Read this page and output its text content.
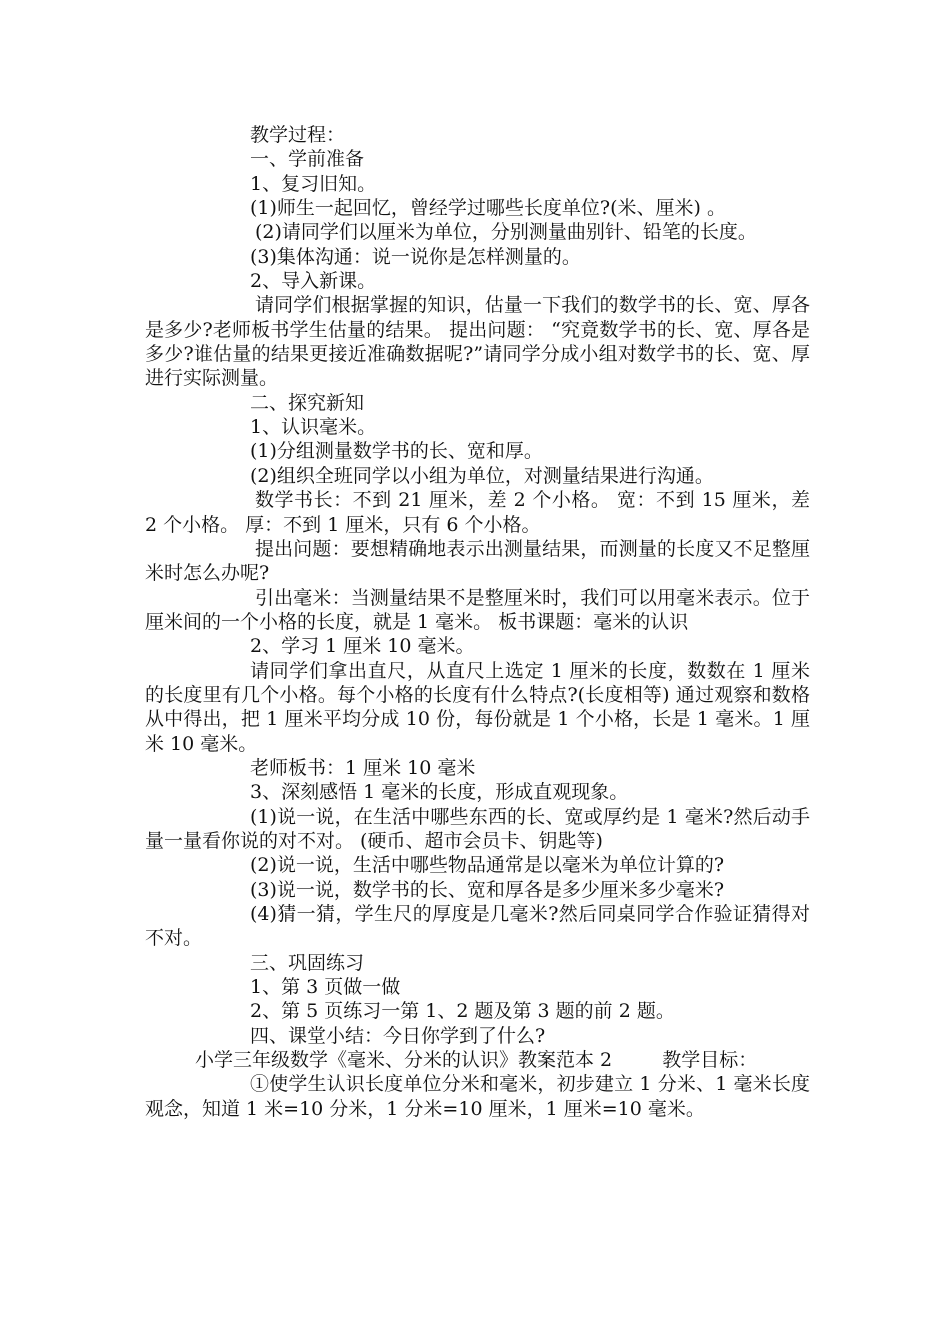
教学过程：

一、学前准备

1、复习旧知。

(1)师生一起回忆，曾经学过哪些长度单位?(米、厘米) 。

(2)请同学们以厘米为单位，分别测量曲别针、铅笔的长度。

(3)集体沟通：说一说你是怎样测量的。

2、导入新课。

请同学们根据掌握的知识，估量一下我们的数学书的长、宽、厚各是多少?老师板书学生估量的结果。 提出问题： “究竟数学书的长、宽、厚各是多少?谁估量的结果更接近准确数据呢?”请同学分成小组对数学书的长、宽、厚进行实际测量。

二、探究新知

1、认识毫米。

(1)分组测量数学书的长、宽和厚。

(2)组织全班同学以小组为单位，对测量结果进行沟通。

数学书长：不到 21 厘米，差 2 个小格。 宽：不到 15 厘米，差 2 个小格。 厚：不到 1 厘米，只有 6 个小格。

提出问题：要想精确地表示出测量结果，而测量的长度又不足整厘米时怎么办呢?

引出毫米：当测量结果不是整厘米时，我们可以用毫米表示。位于厘米间的一个小格的长度，就是 1 毫米。 板书课题：毫米的认识

2、学习 1 厘米 10 毫米。

请同学们拿出直尺，从直尺上选定 1 厘米的长度，数数在 1 厘米的长度里有几个小格。每个小格的长度有什么特点?(长度相等) 通过观察和数格从中得出，把 1 厘米平均分成 10 份，每份就是 1 个小格，长是 1 毫米。1 厘米 10 毫米。

老师板书：1 厘米 10 毫米

3、深刻感悟 1 毫米的长度，形成直观现象。

(1)说一说，在生活中哪些东西的长、宽或厚约是 1 毫米?然后动手量一量看你说的对不对。 (硬币、超市会员卡、钥匙等)

(2)说一说，生活中哪些物品通常是以毫米为单位计算的?

(3)说一说，数学书的长、宽和厚各是多少厘米多少毫米?

(4)猜一猜，学生尺的厚度是几毫米?然后同桌同学合作验证猜得对不对。

三、巩固练习

1、第 3 页做一做

2、第 5 页练习一第 1、2 题及第 3 题的前 2 题。

四、课堂小结：今日你学到了什么?

小学三年级数学《毫米、分米的认识》教案范本 2 　　 教学目标：

①使学生认识长度单位分米和毫米，初步建立 1 分米、1 毫米长度观念，知道 1 米=10 分米，1 分米=10 厘米，1 厘米=10 毫米。
